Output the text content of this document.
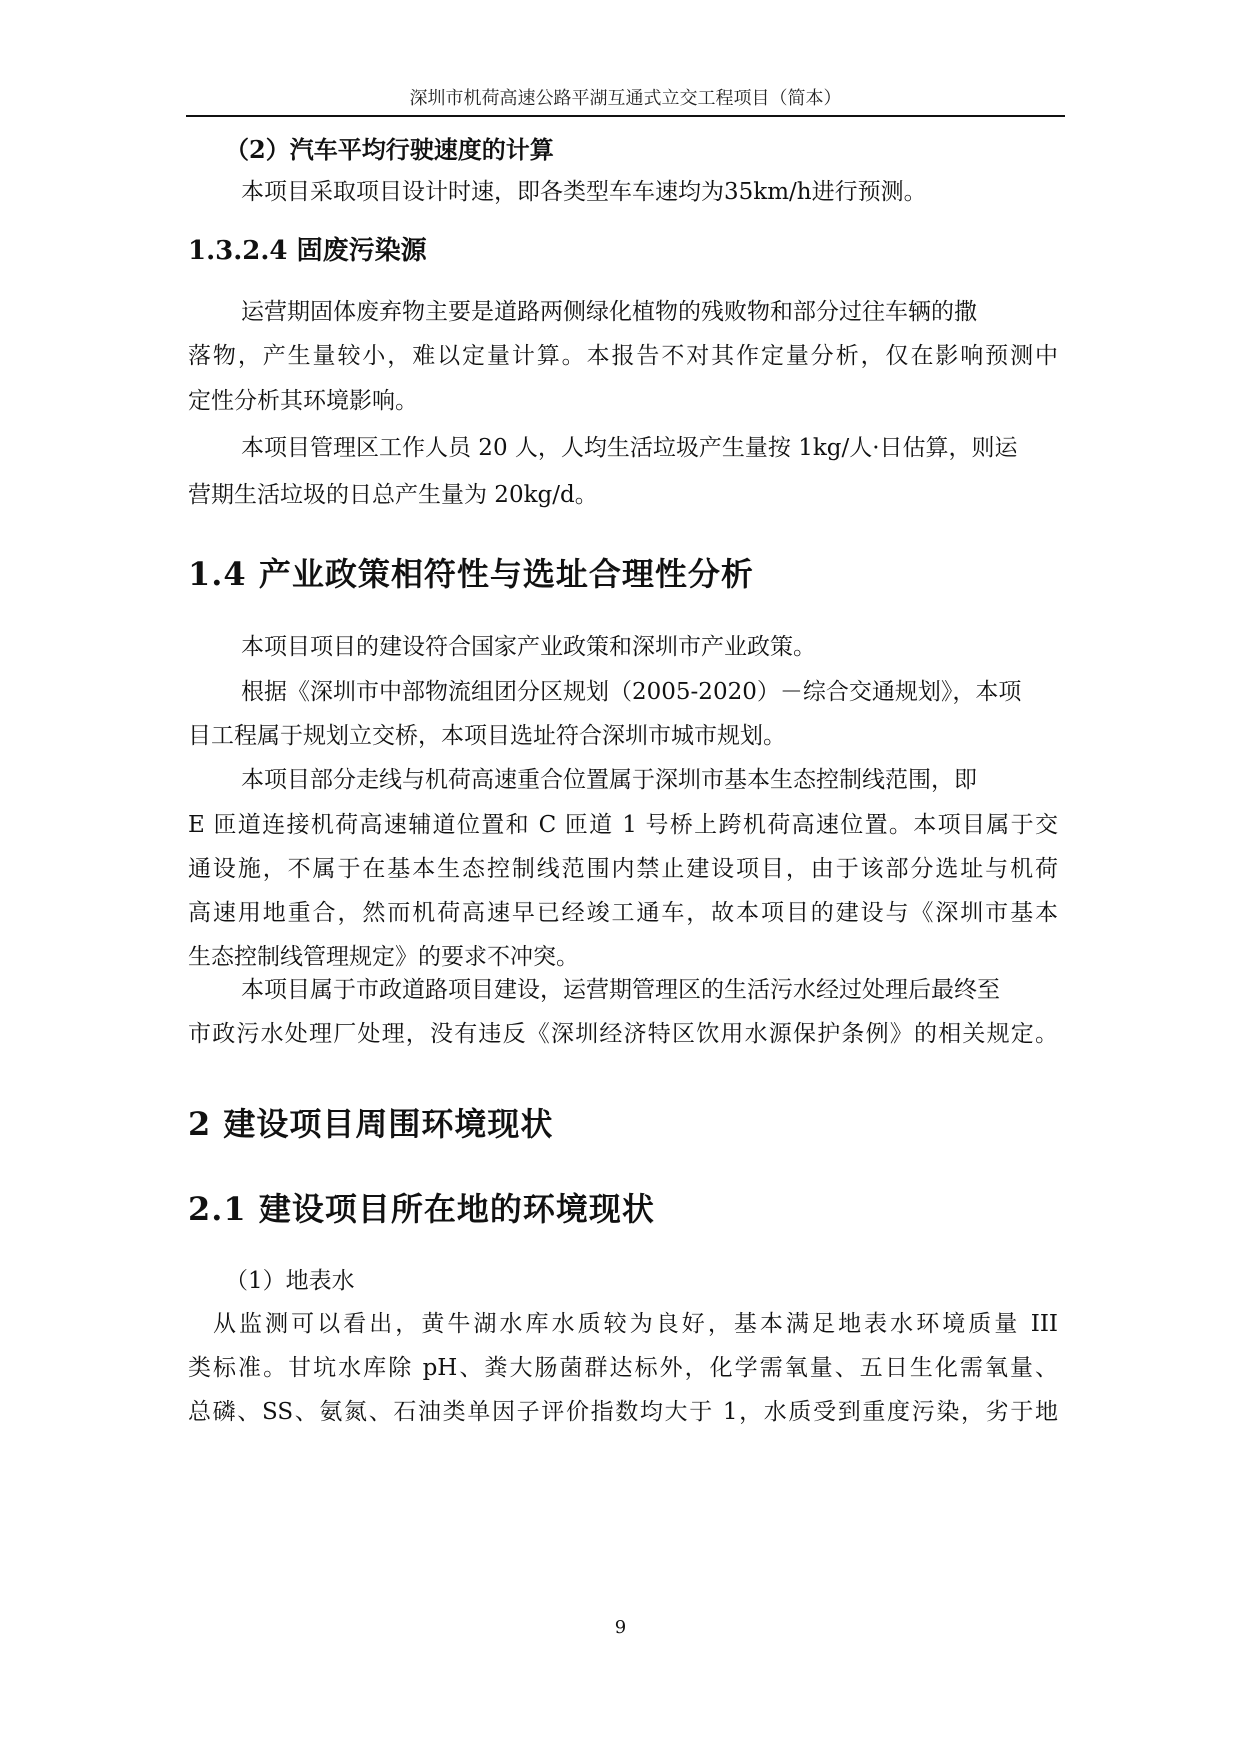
深圳市机荷高速公路平湖互通式立交工程项目（简本）
（2）汽车平均行驶速度的计算
本项目采取项目设计时速，即各类型车车速均为35km/h进行预测。
1.3.2.4 固废污染源
运营期固体废弃物主要是道路两侧绿化植物的残败物和部分过往车辆的撒
落物，产生量较小，难以定量计算。本报告不对其作定量分析，仅在影响预测中
定性分析其环境影响。
本项目管理区工作人员 20 人，人均生活垃圾产生量按 1kg/人·日估算，则运
营期生活垃圾的日总产生量为 20kg/d。
1.4 产业政策相符性与选址合理性分析
本项目项目的建设符合国家产业政策和深圳市产业政策。
根据《深圳市中部物流组团分区规划（2005-2020）－综合交通规划》，本项
目工程属于规划立交桥，本项目选址符合深圳市城市规划。
本项目部分走线与机荷高速重合位置属于深圳市基本生态控制线范围，即
E 匝道连接机荷高速辅道位置和 C 匝道 1 号桥上跨机荷高速位置。本项目属于交
通设施，不属于在基本生态控制线范围内禁止建设项目，由于该部分选址与机荷
高速用地重合，然而机荷高速早已经竣工通车，故本项目的建设与《深圳市基本
生态控制线管理规定》的要求不冲突。
本项目属于市政道路项目建设，运营期管理区的生活污水经过处理后最终至
市政污水处理厂处理，没有违反《深圳经济特区饮用水源保护条例》的相关规定。
2 建设项目周围环境现状
2.1 建设项目所在地的环境现状
（1）地表水
从监测可以看出，黄牛湖水库水质较为良好，基本满足地表水环境质量 III
类标准。甘坑水库除 pH、粪大肠菌群达标外，化学需氧量、五日生化需氧量、
总磷、SS、氨氮、石油类单因子评价指数均大于 1，水质受到重度污染，劣于地
9
